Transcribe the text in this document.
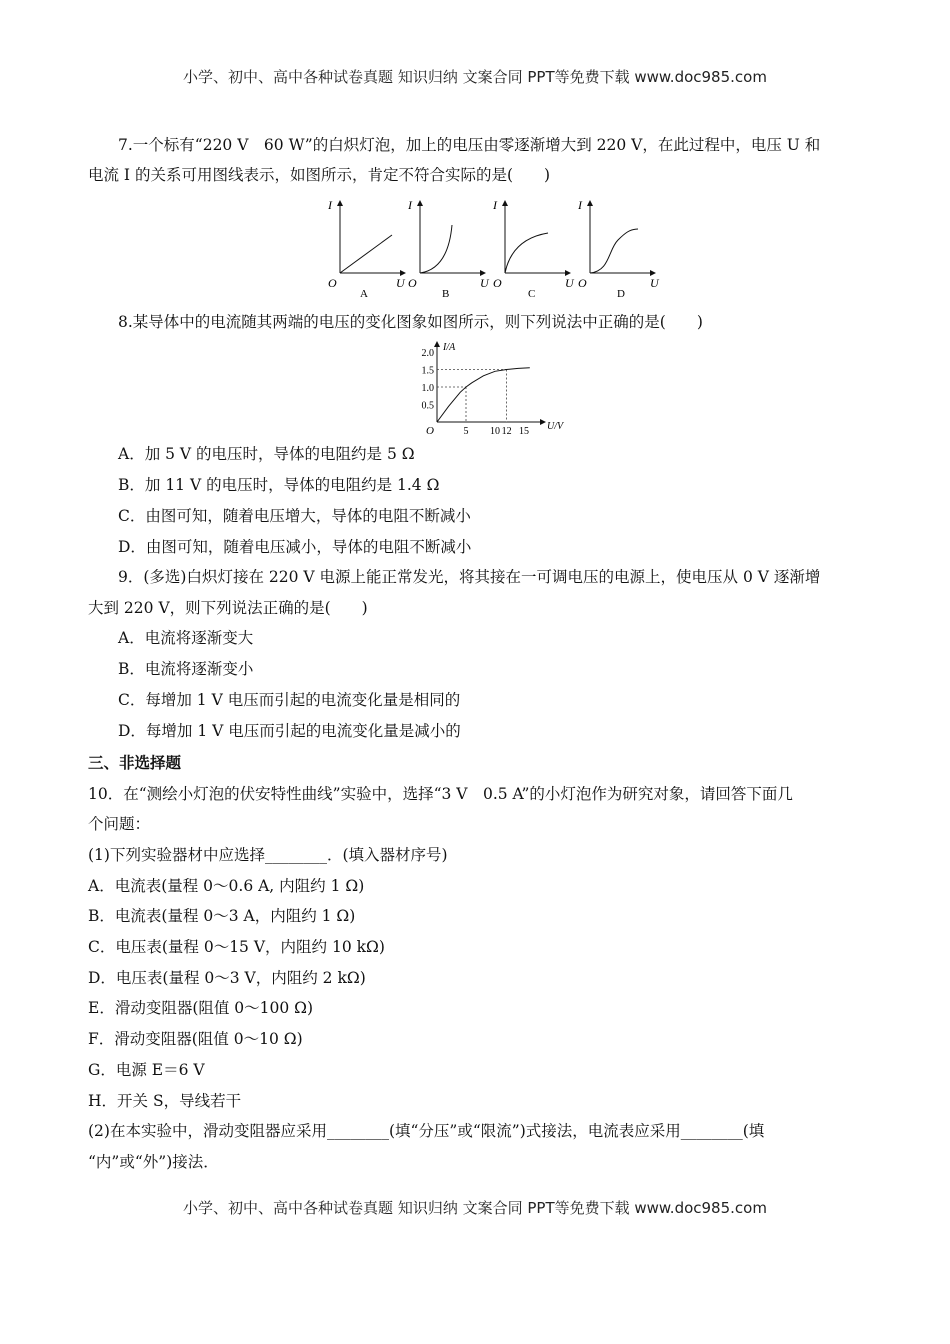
小学、初中、高中各种试卷真题 知识归纳 文案合同 PPT等免费下载 www.doc985.com
7.一个标有“220 V　60 W”的白炽灯泡，加上的电压由零逐渐增大到 220 V，在此过程中，电压 U 和
电流 I 的关系可用图线表示，如图所示，肯定不符合实际的是(　　)
I
U
O
A
I
U
O
B
I
U
O
C
I
U
O
D
8.某导体中的电流随其两端的电压的变化图象如图所示，则下列说法中正确的是(　　)
0.5
1.0
1.5
2.0
5 10 12 15
I/A
U/V
O
A．加 5 V 的电压时，导体的电阻约是 5 Ω
B．加 11 V 的电压时，导体的电阻约是 1.4 Ω
C．由图可知，随着电压增大，导体的电阻不断减小
D．由图可知，随着电压减小，导体的电阻不断减小
9．(多选)白炽灯接在 220 V 电源上能正常发光，将其接在一可调电压的电源上，使电压从 0 V 逐渐增
大到 220 V，则下列说法正确的是(　　)
A．电流将逐渐变大
B．电流将逐渐变小
C．每增加 1 V 电压而引起的电流变化量是相同的
D．每增加 1 V 电压而引起的电流变化量是减小的
三、非选择题
10．在“测绘小灯泡的伏安特性曲线”实验中，选择“3 V　0.5 A”的小灯泡作为研究对象，请回答下面几
个问题：
(1)下列实验器材中应选择________．(填入器材序号)
A．电流表(量程 0～0.6 A, 内阻约 1 Ω)
B．电流表(量程 0～3 A，内阻约 1 Ω)
C．电压表(量程 0～15 V，内阻约 10 kΩ)
D．电压表(量程 0～3 V，内阻约 2 kΩ)
E．滑动变阻器(阻值 0～100 Ω)
F．滑动变阻器(阻值 0～10 Ω)
G．电源 E＝6 V
H．开关 S，导线若干
(2)在本实验中，滑动变阻器应采用________(填“分压”或“限流”)式接法，电流表应采用________(填
“内”或“外”)接法．
小学、初中、高中各种试卷真题 知识归纳 文案合同 PPT等免费下载 www.doc985.com
